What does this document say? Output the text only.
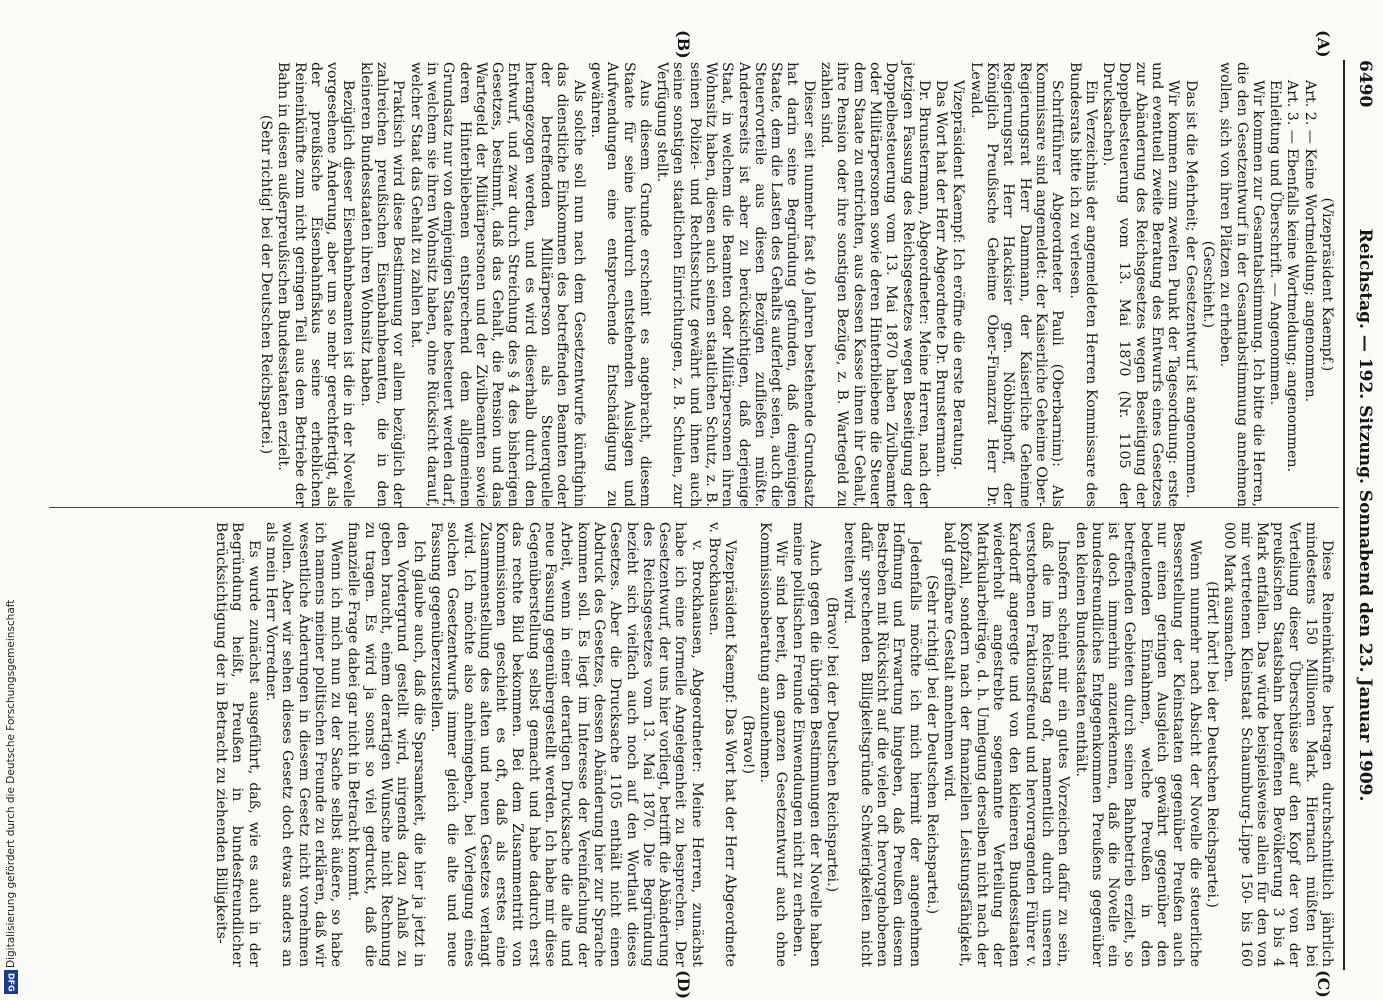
6490
Reichstag. — 192. Sitzung. Sonnabend den 23. Januar 1909.
(A)
(B)
(C)
(D)

(Vizepräsident Kaempf.)

Art. 2. — Keine Wortmeldung; angenommen.

Art. 3. — Ebenfalls keine Wortmeldung; angenommen.

Einleitung und Überschrift. — Angenommen.

Wir kommen zur Gesamtabstimmung. Ich bitte die Herren, die den Gesetzentwurf in der Gesamtabstimmung annehmen wollen, sich von ihren Plätzen zu erheben.

(Geschieht.)

Das ist die Mehrheit; der Gesetzentwurf ist angenommen.

Wir kommen zum zweiten Punkt der Tagesordnung: erste und eventuell zweite Beratung des Entwurfs eines Gesetzes zur Abänderung des Reichsgesetzes wegen Beseitigung der Doppelbesteuerung vom 13. Mai 1870 (Nr. 1105 der Drucksachen).

Ein Verzeichnis der angemeldeten Herren Kommissare des Bundesrats bitte ich zu verlesen.

Schriftführer Abgeordneter Pauli (Oberbarnim): Als Kommissare sind angemeldet: der Kaiserliche Geheime Ober-Regierungsrat Herr Dammann, der Kaiserliche Geheime Regierungsrat Herr Hackisier gen. Nöbbinghoff, der Königlich Preußische Geheime Ober-Finanzrat Herr Dr. Lewald.

Vizepräsident Kaempf: Ich eröffne die erste Beratung.

Das Wort hat der Herr Abgeordnete Dr. Brunstermann.

Dr. Brunstermann, Abgeordneter: Meine Herren, nach der jetzigen Fassung des Reichsgesetzes wegen Beseitigung der Doppelbesteuerung vom 13. Mai 1870 haben Zivilbeamte oder Militärpersonen sowie deren Hinterbliebene die Steuer dem Staate zu entrichten, aus dessen Kasse ihnen ihr Gehalt, ihre Pension oder ihre sonstigen Bezüge, z. B. Wartegeld zu zahlen sind.

Dieser seit nunmehr fast 40 Jahren bestehende Grundsatz hat darin seine Begründung gefunden, daß demjenigen Staate, dem die Lasten des Gehalts auferlegt seien, auch die Steuervorteile aus diesen Bezügen zufließen müßte. Andererseits ist aber zu berücksichtigen, daß derjenige Staat, in welchem die Beamten oder Militärpersonen ihren Wohnsitz haben, diesen auch seinen staatlichen Schutz, z. B. seinen Polizei- und Rechtsschutz gewährt und ihnen auch seine sonstigen staatlichen Einrichtungen, z. B. Schulen, zur Verfügung stellt.

Aus diesem Grunde erscheint es angebracht, diesem Staate für seine hierdurch entstehenden Auslagen und Aufwendungen eine entsprechende Entschädigung zu gewähren.

Als solche soll nun nach dem Gesetzentwurfe künftighin das dienstliche Einkommen des betreffenden Beamten oder der betreffenden Militärperson als Steuerquelle herangezogen werden, und es wird dieserhalb durch den Entwurf, und zwar durch Streichung des § 4 des bisherigen Gesetzes, bestimmt, daß das Gehalt, die Pension und das Wartegeld der Militärpersonen und der Zivilbeamten sowie deren Hinterbliebenen entsprechend dem allgemeinen Grundsatz nur von demjenigen Staate besteuert werden darf, in welchem sie ihren Wohnsitz haben, ohne Rücksicht darauf, welcher Staat das Gehalt zu zahlen hat.

Praktisch wird diese Bestimmung vor allem bezüglich der zahlreichen preußischen Eisenbahnbeamten, die in den kleineren Bundesstaaten ihren Wohnsitz haben.

Bezüglich dieser Eisenbahnbeamten ist die in der Novelle vorgesehene Änderung, aber um so mehr gerechtfertigt, als der preußische Eisenbahnfiskus seine erheblichen Reineinkünfte zum nicht geringen Teil aus dem Betriebe der Bahn in diesen außerpreußischen Bundesstaaten erzielt.

(Sehr richtig! bei der Deutschen Reichspartei.)

Diese Reineinkünfte betragen durchschnittlich jährlich mindestens 150 Millionen Mark. Hiernach müßten bei Verteilung dieser Überschüsse auf den Kopf der von der preußischen Staatsbahn betroffenen Bevölkerung 3 bis 4 Mark entfallen. Das würde beispielsweise allein für den von mir vertretenen Kleinstaat Schaumburg-Lippe 150- bis 160 000 Mark ausmachen.

(Hört! hört! bei der Deutschen Reichspartei.)

Wenn nunmehr nach Absicht der Novelle die steuerliche Besserstellung der Kleinstaaten gegenüber Preußen auch nur einen geringen Ausgleich gewährt gegenüber den bedeutenden Einnahmen, welche Preußen in den betreffenden Gebieten durch seinen Bahnbetrieb erzielt, so ist doch immerhin anzuerkennen, daß die Novelle ein bundesfreundliches Entgegenkommen Preußens gegenüber den kleinen Bundesstaaten enthält.

Insofern scheint mir ein gutes Vorzeichen dafür zu sein, daß die im Reichstag oft, namentlich durch unseren verstorbenen Fraktionsfreund und hervorragenden Führer v. Kardorff angeregte und von den kleineren Bundesstaaten wiederholt angestrebte sogenannte Verteilung der Matrikularbeiträge, d. h. Umlegung derselben nicht nach der Kopfzahl, sondern nach der finanziellen Leistungsfähigkeit, bald greifbare Gestalt annehmen wird.

(Sehr richtig! bei der Deutschen Reichspartei.)

Jedenfalls möchte ich mich hiermit der angenehmen Hoffnung und Erwartung hingeben, daß Preußen diesem Bestreben mit Rücksicht auf die vielen oft hervorgehobenen dafür sprechenden Billigkeitsgründe Schwierigkeiten nicht bereiten wird.

(Bravo! bei der Deutschen Reichspartei.)

Auch gegen die übrigen Bestimmungen der Novelle haben meine politischen Freunde Einwendungen nicht zu erheben.

Wir sind bereit, den ganzen Gesetzentwurf auch ohne Kommissionsberatung anzunehmen.

(Bravo!)

Vizepräsident Kaempf: Das Wort hat der Herr Abgeordnete v. Brockhausen.

v. Brockhausen, Abgeordneter: Meine Herren, zunächst habe ich eine formelle Angelegenheit zu besprechen. Der Gesetzentwurf, der uns hier vorliegt, betrifft die Abänderung des Reichsgesetzes vom 13. Mai 1870. Die Begründung bezieht sich vielfach auch noch auf den Wortlaut dieses Gesetzes. Aber die Drucksache 1105 enthält nicht einen Abdruck des Gesetzes, dessen Abänderung hier zur Sprache kommen soll. Es liegt im Interesse der Vereinfachung der Arbeit, wenn in einer derartigen Drucksache die alte und neue Fassung gegenübergestellt werden. Ich habe mir diese Gegenüberstellung selbst gemacht und habe dadurch erst das rechte Bild bekommen. Bei dem Zusammentritt von Kommissionen geschieht es oft, daß als erstes eine Zusammenstellung des alten und neuen Gesetzes verlangt wird. Ich möchte also anheimgeben, bei Vorlegung eines solchen Gesetzentwurfs immer gleich die alte und neue Fassung gegenüberzustellen.

Ich glaube auch, daß die Sparsamkeit, die hier ja jetzt in den Vordergrund gestellt wird, nirgends dazu Anlaß zu geben braucht, einem derartigen Wunsche nicht Rechnung zu tragen. Es wird ja sonst so viel gedruckt, daß die finanzielle Frage dabei gar nicht in Betracht kommt.

Wenn ich mich nun zu der Sache selbst äußere, so habe ich namens meiner politischen Freunde zu erklären, daß wir wesentliche Änderungen in diesem Gesetz nicht vornehmen wollen. Aber wir sehen dieses Gesetz doch etwas anders an als mein Herr Vorredner.

Es wurde zunächst ausgeführt, daß, wie es auch in der Begründung heißt, Preußen in bundesfreundlicher Berücksichtigung der in Betracht zu ziehenden Billigkeits-

Digitalisierung gefördert durch die Deutsche Forschungsgemeinschaft
DFG
